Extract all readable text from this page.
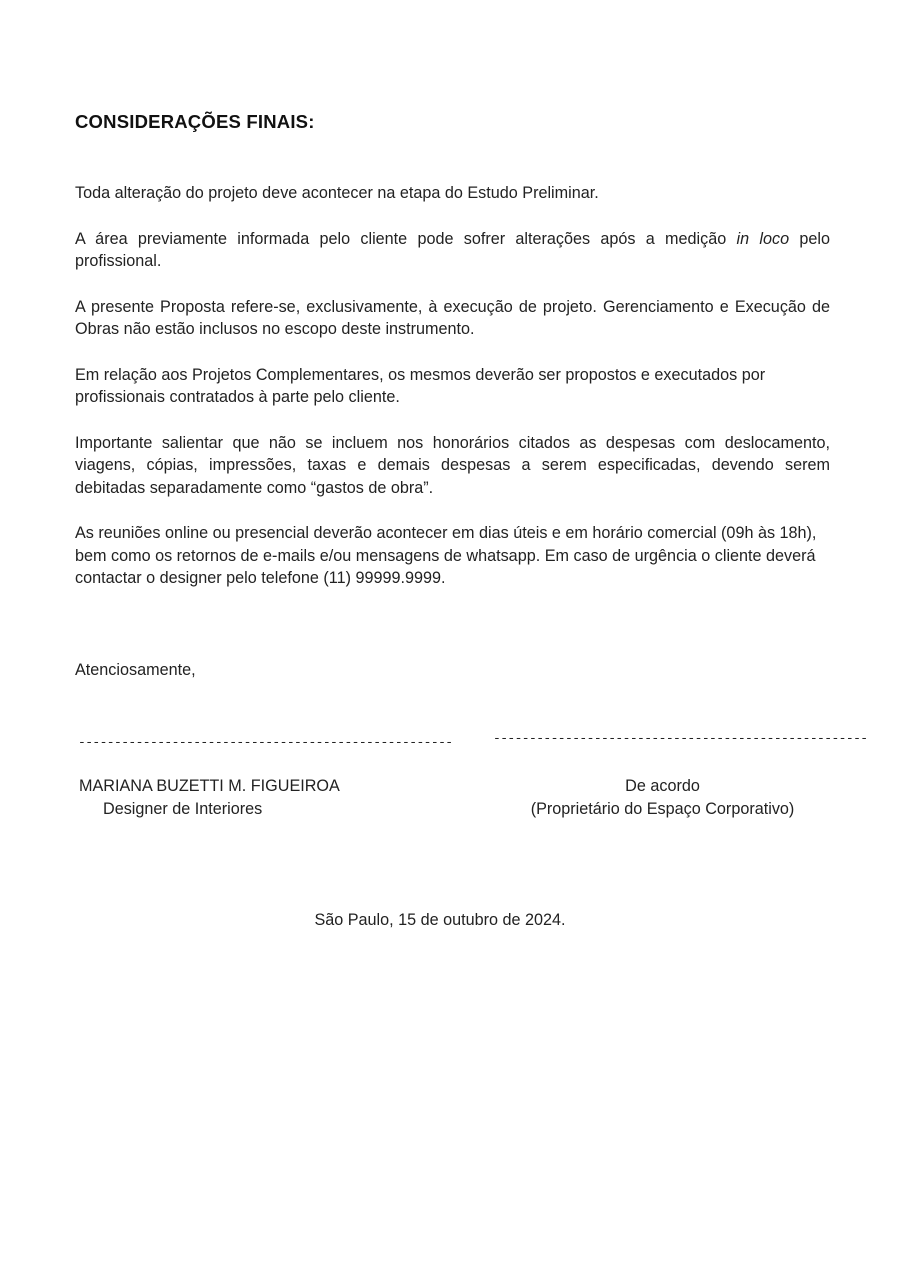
CONSIDERAÇÕES FINAIS:

Toda alteração do projeto deve acontecer na etapa do Estudo Preliminar.

A área previamente informada pelo cliente pode sofrer alterações após a medição in loco pelo profissional.

A presente Proposta refere-se, exclusivamente, à execução de projeto. Gerenciamento e Execução de Obras não estão inclusos no escopo deste instrumento.

Em relação aos Projetos Complementares, os mesmos deverão ser propostos e executados por profissionais contratados à parte pelo cliente.

Importante salientar que não se incluem nos honorários citados as despesas com deslocamento, viagens, cópias, impressões, taxas e demais despesas a serem especificadas, devendo serem debitadas separadamente como “gastos de obra”.

As reuniões online ou presencial deverão acontecer em dias úteis e em horário comercial (09h às 18h), bem como os retornos de e-mails e/ou mensagens de whatsapp. Em caso de urgência o cliente deverá contactar o designer pelo telefone (11) 99999.9999.

Atenciosamente,
----------------------------------------------------	----------------------------------------------------
MARIANA BUZETTI M. FIGUEIROA
Designer de Interiores
De acordo
(Proprietário do Espaço Corporativo)
São Paulo, 15 de outubro de 2024.
